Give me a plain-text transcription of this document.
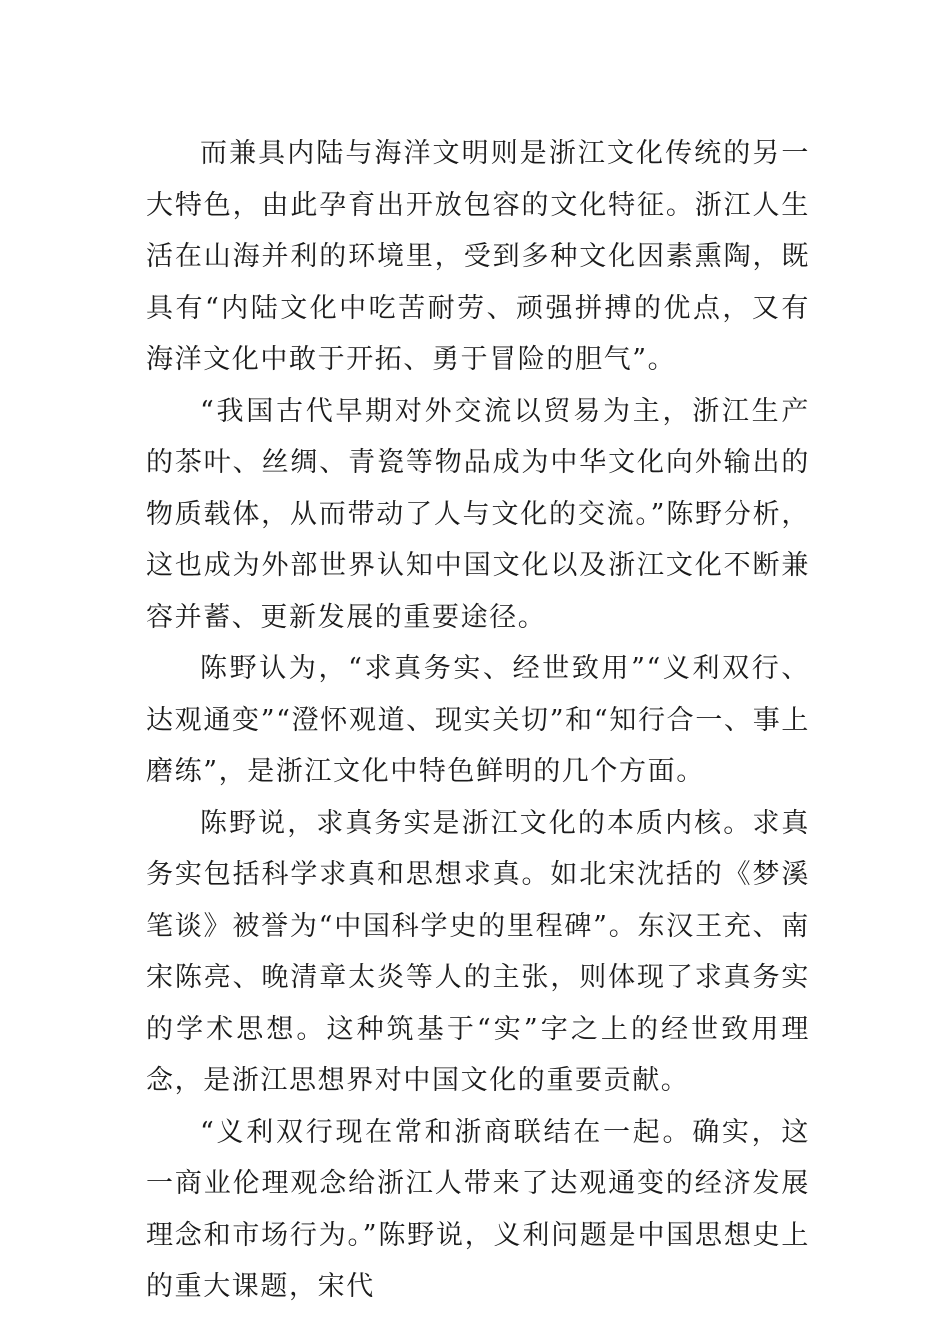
而兼具内陆与海洋文明则是浙江文化传统的另一大特色，由此孕育出开放包容的文化特征。浙江人生活在山海并利的环境里，受到多种文化因素熏陶，既具有“内陆文化中吃苦耐劳、顽强拼搏的优点，又有海洋文化中敢于开拓、勇于冒险的胆气”。

“我国古代早期对外交流以贸易为主，浙江生产的茶叶、丝绸、青瓷等物品成为中华文化向外输出的物质载体，从而带动了人与文化的交流。”陈野分析，这也成为外部世界认知中国文化以及浙江文化不断兼容并蓄、更新发展的重要途径。

陈野认为，“求真务实、经世致用”“义利双行、达观通变”“澄怀观道、现实关切”和“知行合一、事上磨练”，是浙江文化中特色鲜明的几个方面。

陈野说，求真务实是浙江文化的本质内核。求真务实包括科学求真和思想求真。如北宋沈括的《梦溪笔谈》被誉为“中国科学史的里程碑”。东汉王充、南宋陈亮、晚清章太炎等人的主张，则体现了求真务实的学术思想。这种筑基于“实”字之上的经世致用理念，是浙江思想界对中国文化的重要贡献。

“义利双行现在常和浙商联结在一起。确实，这一商业伦理观念给浙江人带来了达观通变的经济发展理念和市场行为。”陈野说，义利问题是中国思想史上的重大课题，宋代
